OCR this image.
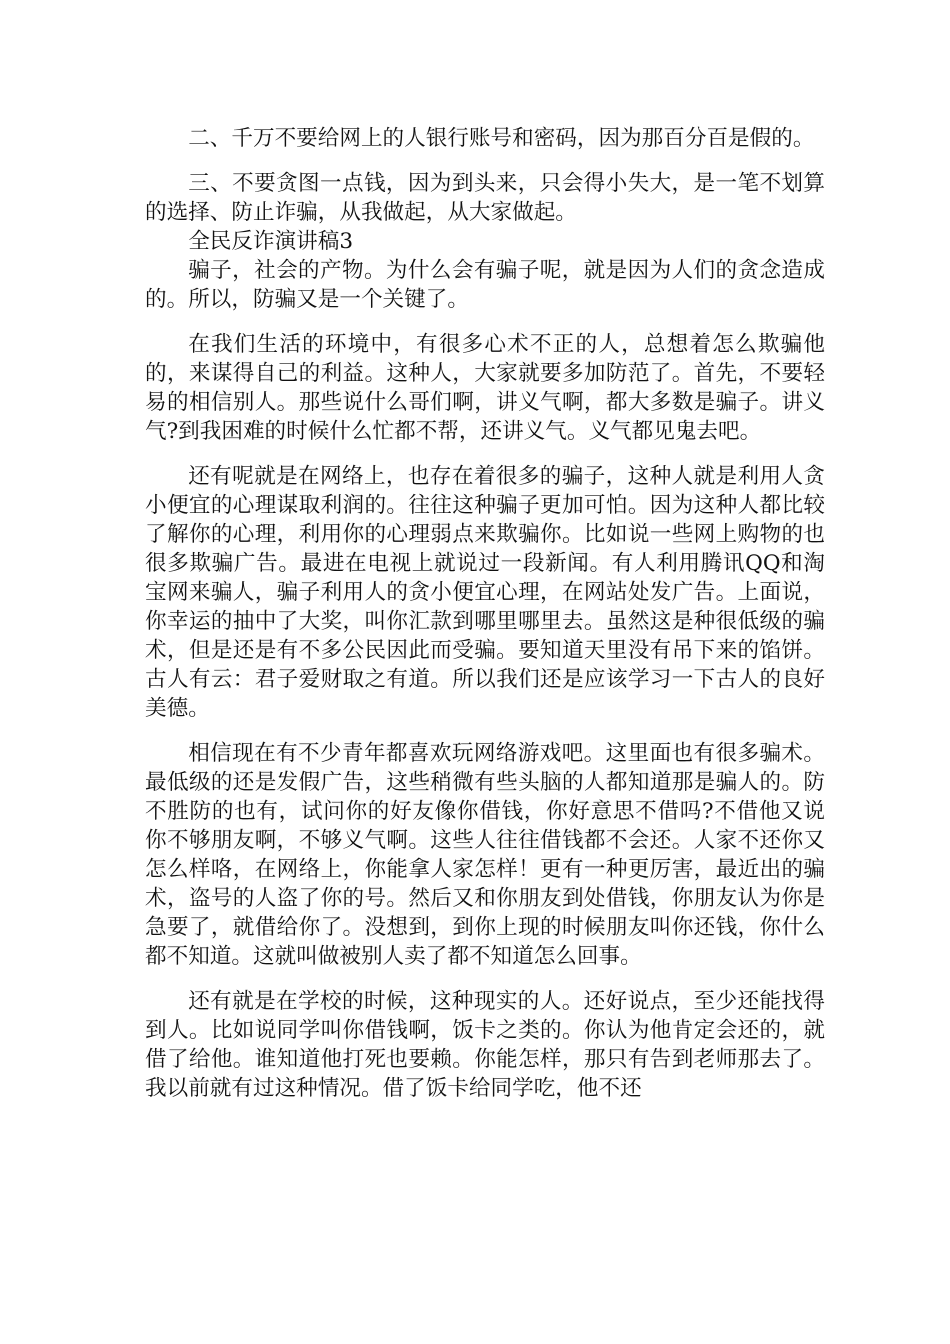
二、千万不要给网上的人银行账号和密码，因为那百分百是假的。

三、不要贪图一点钱，因为到头来，只会得小失大，是一笔不划算的选择、防止诈骗，从我做起，从大家做起。

全民反诈演讲稿3

骗子，社会的产物。为什么会有骗子呢，就是因为人们的贪念造成的。所以，防骗又是一个关键了。

在我们生活的环境中，有很多心术不正的人，总想着怎么欺骗他的，来谋得自己的利益。这种人，大家就要多加防范了。首先，不要轻易的相信别人。那些说什么哥们啊，讲义气啊，都大多数是骗子。讲义气?到我困难的时候什么忙都不帮，还讲义气。义气都见鬼去吧。

还有呢就是在网络上，也存在着很多的骗子，这种人就是利用人贪小便宜的心理谋取利润的。往往这种骗子更加可怕。因为这种人都比较了解你的心理，利用你的心理弱点来欺骗你。比如说一些网上购物的也很多欺骗广告。最进在电视上就说过一段新闻。有人利用腾讯QQ和淘宝网来骗人，骗子利用人的贪小便宜心理，在网站处发广告。上面说，你幸运的抽中了大奖，叫你汇款到哪里哪里去。虽然这是种很低级的骗术，但是还是有不多公民因此而受骗。要知道天里没有吊下来的馅饼。古人有云：君子爱财取之有道。所以我们还是应该学习一下古人的良好美德。

相信现在有不少青年都喜欢玩网络游戏吧。这里面也有很多骗术。最低级的还是发假广告，这些稍微有些头脑的人都知道那是骗人的。防不胜防的也有，试问你的好友像你借钱，你好意思不借吗?不借他又说你不够朋友啊，不够义气啊。这些人往往借钱都不会还。人家不还你又怎么样咯，在网络上，你能拿人家怎样！更有一种更厉害，最近出的骗术，盗号的人盗了你的号。然后又和你朋友到处借钱，你朋友认为你是急要了，就借给你了。没想到，到你上现的时候朋友叫你还钱，你什么都不知道。这就叫做被别人卖了都不知道怎么回事。

还有就是在学校的时候，这种现实的人。还好说点，至少还能找得到人。比如说同学叫你借钱啊，饭卡之类的。你认为他肯定会还的，就借了给他。谁知道他打死也要赖。你能怎样，那只有告到老师那去了。我以前就有过这种情况。借了饭卡给同学吃，他不还
